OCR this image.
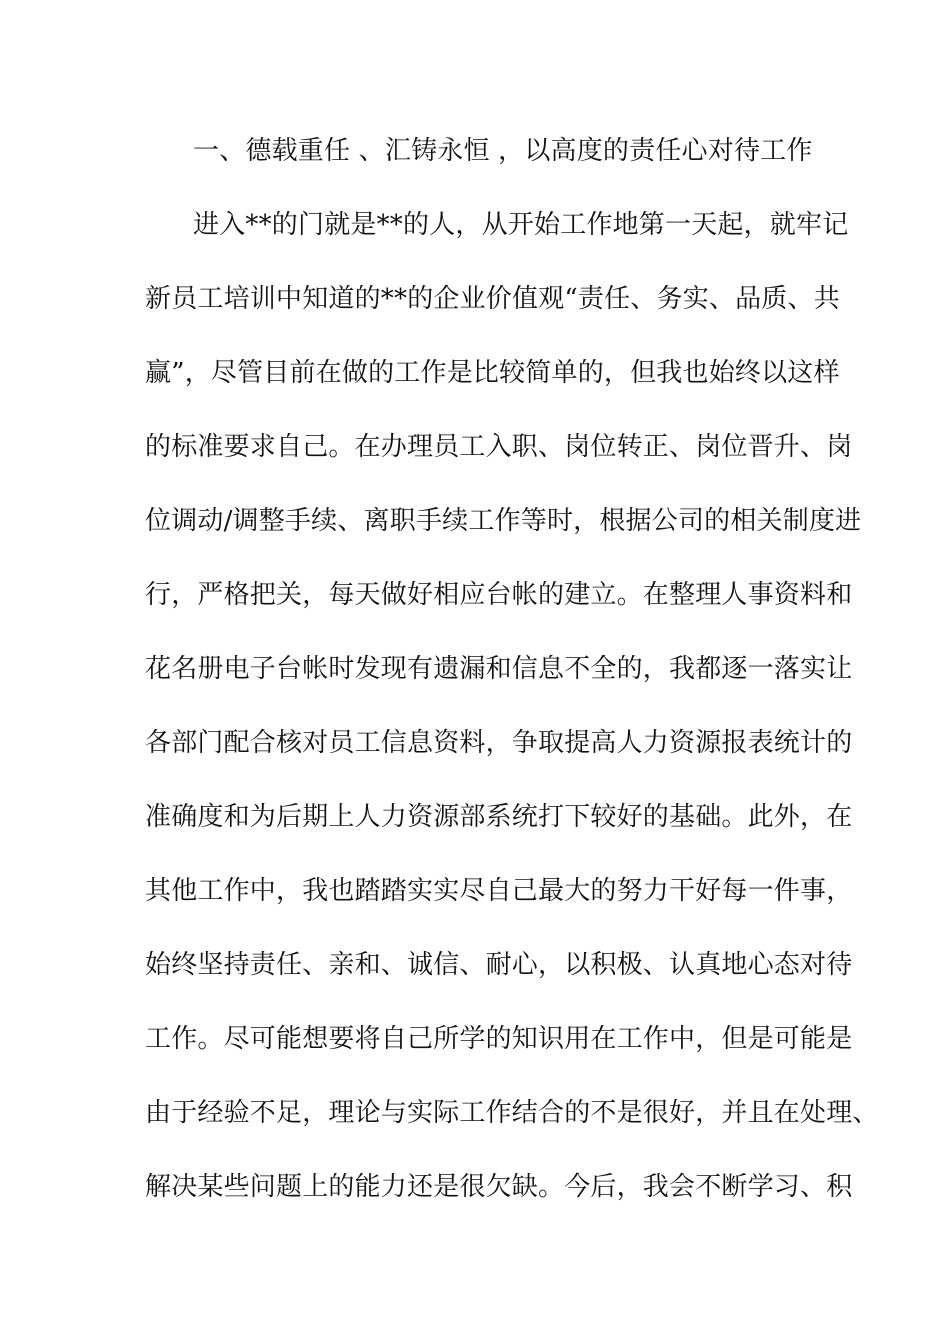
一、德载重任 、汇铸永恒 ，以高度的责任心对待工作
进入**的门就是**的人，从开始工作地第一天起，就牢记
新员工培训中知道的**的企业价值观“责任、务实、品质、共
赢”，尽管目前在做的工作是比较简单的，但我也始终以这样
的标准要求自己。在办理员工入职、岗位转正、岗位晋升、岗
位调动/调整手续、离职手续工作等时，根据公司的相关制度进
行，严格把关，每天做好相应台帐的建立。在整理人事资料和
花名册电子台帐时发现有遗漏和信息不全的，我都逐一落实让
各部门配合核对员工信息资料，争取提高人力资源报表统计的
准确度和为后期上人力资源部系统打下较好的基础。此外，在
其他工作中，我也踏踏实实尽自己最大的努力干好每一件事，
始终坚持责任、亲和、诚信、耐心，以积极、认真地心态对待
工作。尽可能想要将自己所学的知识用在工作中，但是可能是
由于经验不足，理论与实际工作结合的不是很好，并且在处理、
解决某些问题上的能力还是很欠缺。今后，我会不断学习、积
